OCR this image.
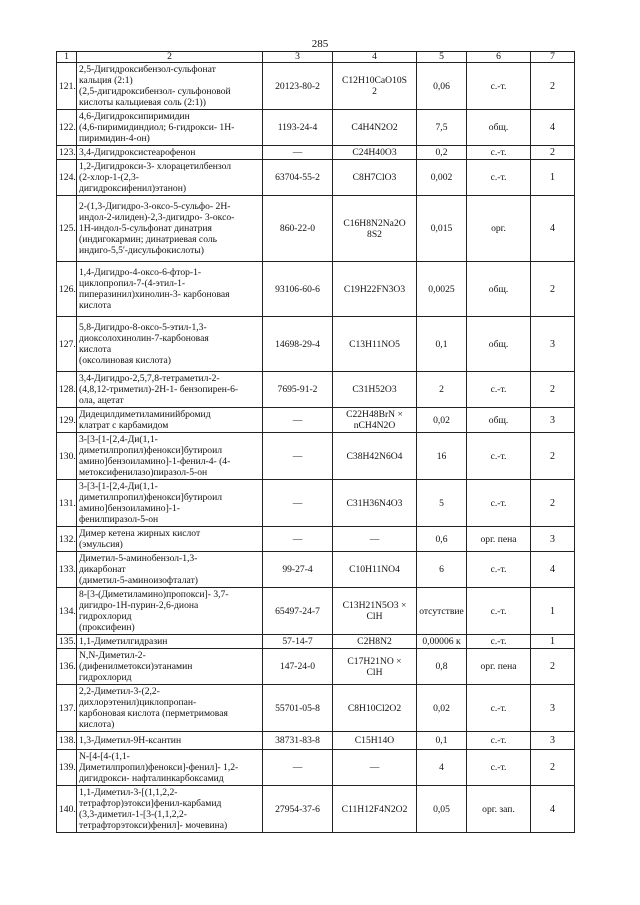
285
1	2	3	4	5	6	7
121.	2,5-Дигидроксибензол-сульфонат
кальция (2:1)
(2,5-дигидроксибензол- сульфоновой
кислоты кальциевая соль (2:1))	20123-80-2	C12H10CaO10S
2	0,06	с.-т.	2
122.	4,6-Дигидроксипиримидин
(4,6-пиримидиндиол; 6-гидрокси- 1Н-
пиримидин-4-он)	1193-24-4	C4H4N2O2	7,5	общ.	4
123.	3,4-Дигидроксистеарофенон	—	C24H40O3	0,2	с.-т.	2
124.	1,2-Дигидрокси-3- хлорацетилбензол
(2-хлор-1-(2,3-
дигидроксифенил)этанон)	63704-55-2	C8H7ClO3	0,002	с.-т.	1
125.	2-(1,3-Дигидро-3-оксо-5-сульфо- 2Н-
индол-2-илиден)-2,3-дигидро- 3-оксо-
1Н-индол-5-сульфонат динатрия
(индигокармин; динатриевая соль
индиго-5,5'-дисульфокислоты)	860-22-0	C16H8N2Na2O
8S2	0,015	орг.	4
126.	1,4-Дигидро-4-оксо-6-фтор-1-
циклопропил-7-(4-этил-1-
пиперазинил)хинолин-3- карбоновая
кислота	93106-60-6	C19H22FN3O3	0,0025	общ.	2
127.	5,8-Дигидро-8-оксо-5-этил-1,3-
диоксолохинолин-7-карбоновая
кислота
(оксолиновая кислота)	14698-29-4	C13H11NO5	0,1	общ.	3
128.	3,4-Дигидро-2,5,7,8-тетраметил-2-
(4,8,12-триметил)-2Н-1- бензопирен-6-
ола, ацетат	7695-91-2	C31H52O3	2	с.-т.	2
129.	Дидецилдиметиламинийбромид
клатрат с карбамидом	—	C22H48BrN ×
nCH4N2O	0,02	общ.	3
130.	3-[3-[1-[2,4-Ди(1,1-
диметилпропил)фенокси]бутироил
амино]бензоиламино]-1-фенил-4- (4-
метоксифенилазо)пиразол-5-он	—	C38H42N6O4	16	с.-т.	2
131.	3-[3-[1-[2,4-Ди(1,1-
диметилпропил)фенокси]бутироил
амино]бензоиламино]-1-
фенилпиразол-5-он	—	C31H36N4O3	5	с.-т.	2
132.	Димер кетена жирных кислот
(эмульсия)	—	—	0,6	орг. пена	3
133.	Диметил-5-аминобензол-1,3-
дикарбонат
(диметил-5-аминоизофталат)	99-27-4	C10H11NO4	6	с.-т.	4
134.	8-[3-(Диметиламино)пропокси]- 3,7-
дигидро-1Н-пурин-2,6-диона
гидрохлорид
(проксифеин)	65497-24-7	C13H21N5O3 ×
ClH	отсутствие	с.-т.	1
135.	1,1-Диметилгидразин	57-14-7	C2H8N2	0,00006 к	с.-т.	1
136.	N,N-Диметил-2-
(дифенилметокси)этанамин
гидрохлорид	147-24-0	C17H21NO ×
ClH	0,8	орг. пена	2
137.	2,2-Диметил-3-(2,2-
дихлорэтенил)циклопропан-
карбоновая кислота (перметримовая
кислота)	55701-05-8	C8H10Cl2O2	0,02	с.-т.	3
138.	1,3-Диметил-9Н-ксантин	38731-83-8	C15H14O	0,1	с.-т.	3
139.	N-[4-[4-(1,1-
Диметилпропил)фенокси]-фенил]- 1,2-
дигидрокси- нафталинкарбоксамид	—	—	4	с.-т.	2
140.	1,1-Диметил-3-[(1,1,2,2-
тетрафтор)этокси]фенил-карбамид
(3,3-диметил-1-[3-(1,1,2,2-
тетрафторэтокси)фенил]- мочевина)	27954-37-6	C11H12F4N2O2	0,05	орг. зап.	4
